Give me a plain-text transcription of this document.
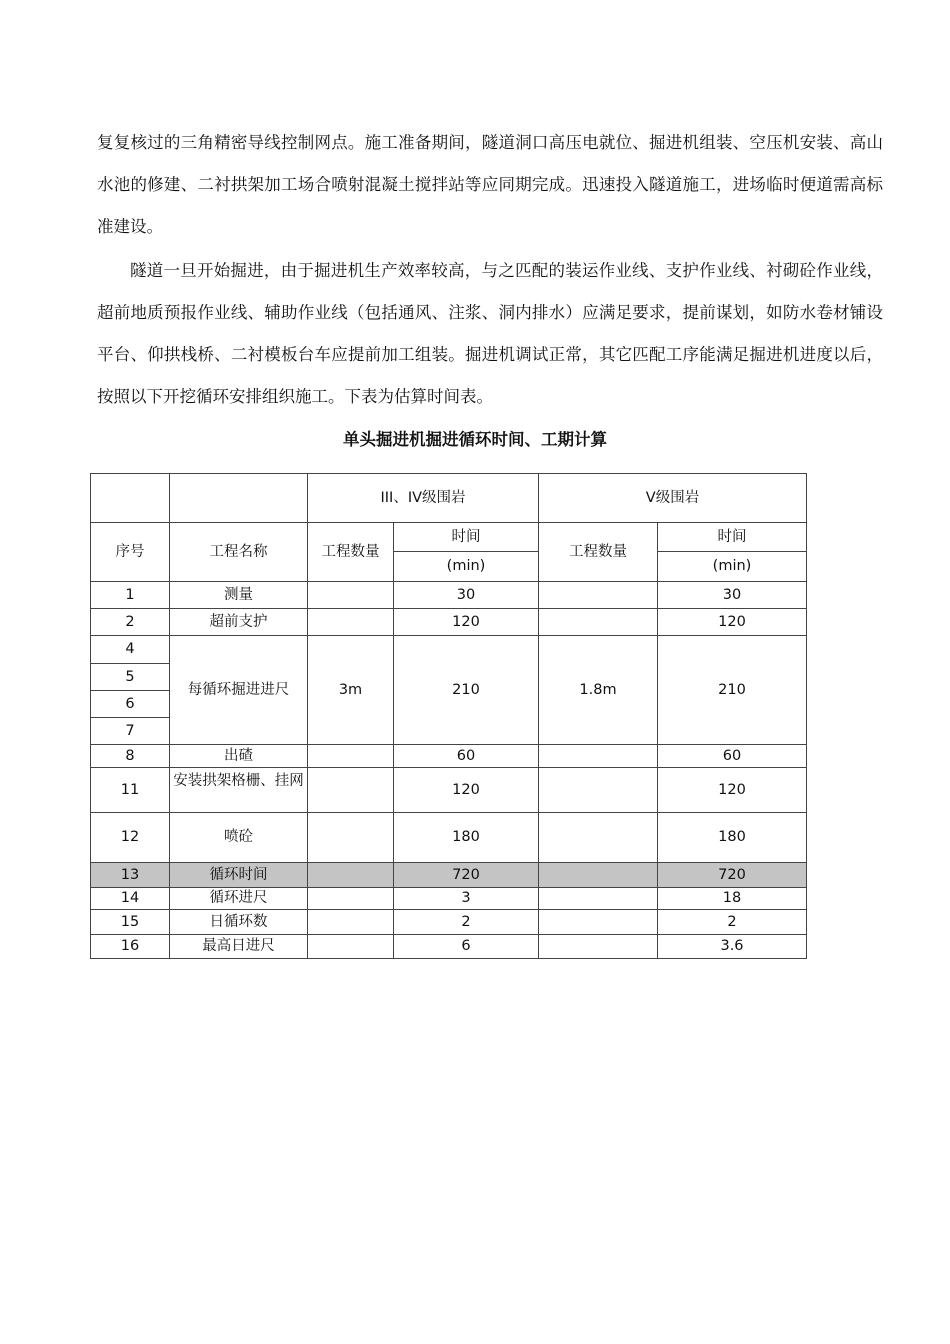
复复核过的三角精密导线控制网点。施工准备期间，隧道洞口高压电就位、掘进机组装、空压机安装、高山水池的修建、二衬拱架加工场合喷射混凝土搅拌站等应同期完成。迅速投入隧道施工，进场临时便道需高标准建设。

隧道一旦开始掘进，由于掘进机生产效率较高，与之匹配的装运作业线、支护作业线、衬砌砼作业线，超前地质预报作业线、辅助作业线（包括通风、注浆、洞内排水）应满足要求，提前谋划，如防水卷材铺设平台、仰拱栈桥、二衬模板台车应提前加工组装。掘进机调试正常，其它匹配工序能满足掘进机进度以后，按照以下开挖循环安排组织施工。下表为估算时间表。

单头掘进机掘进循环时间、工期计算
		III、IV级围岩		V级围岩	
序号	工程名称	工程数量	时间	工程数量	时间
			(min)		(min)
1	测量		30		30
2	超前支护		120		120
4	每循环掘进进尺	3m	210	1.8m	210
5					
6					
7					
8	出碴		60		60
11	安装拱架格栅、挂网		120		120
12	喷砼		180		180
13	循环时间		720		720
14	循环进尺		3		18
15	日循环数		2		2
16	最高日进尺		6		3.6
